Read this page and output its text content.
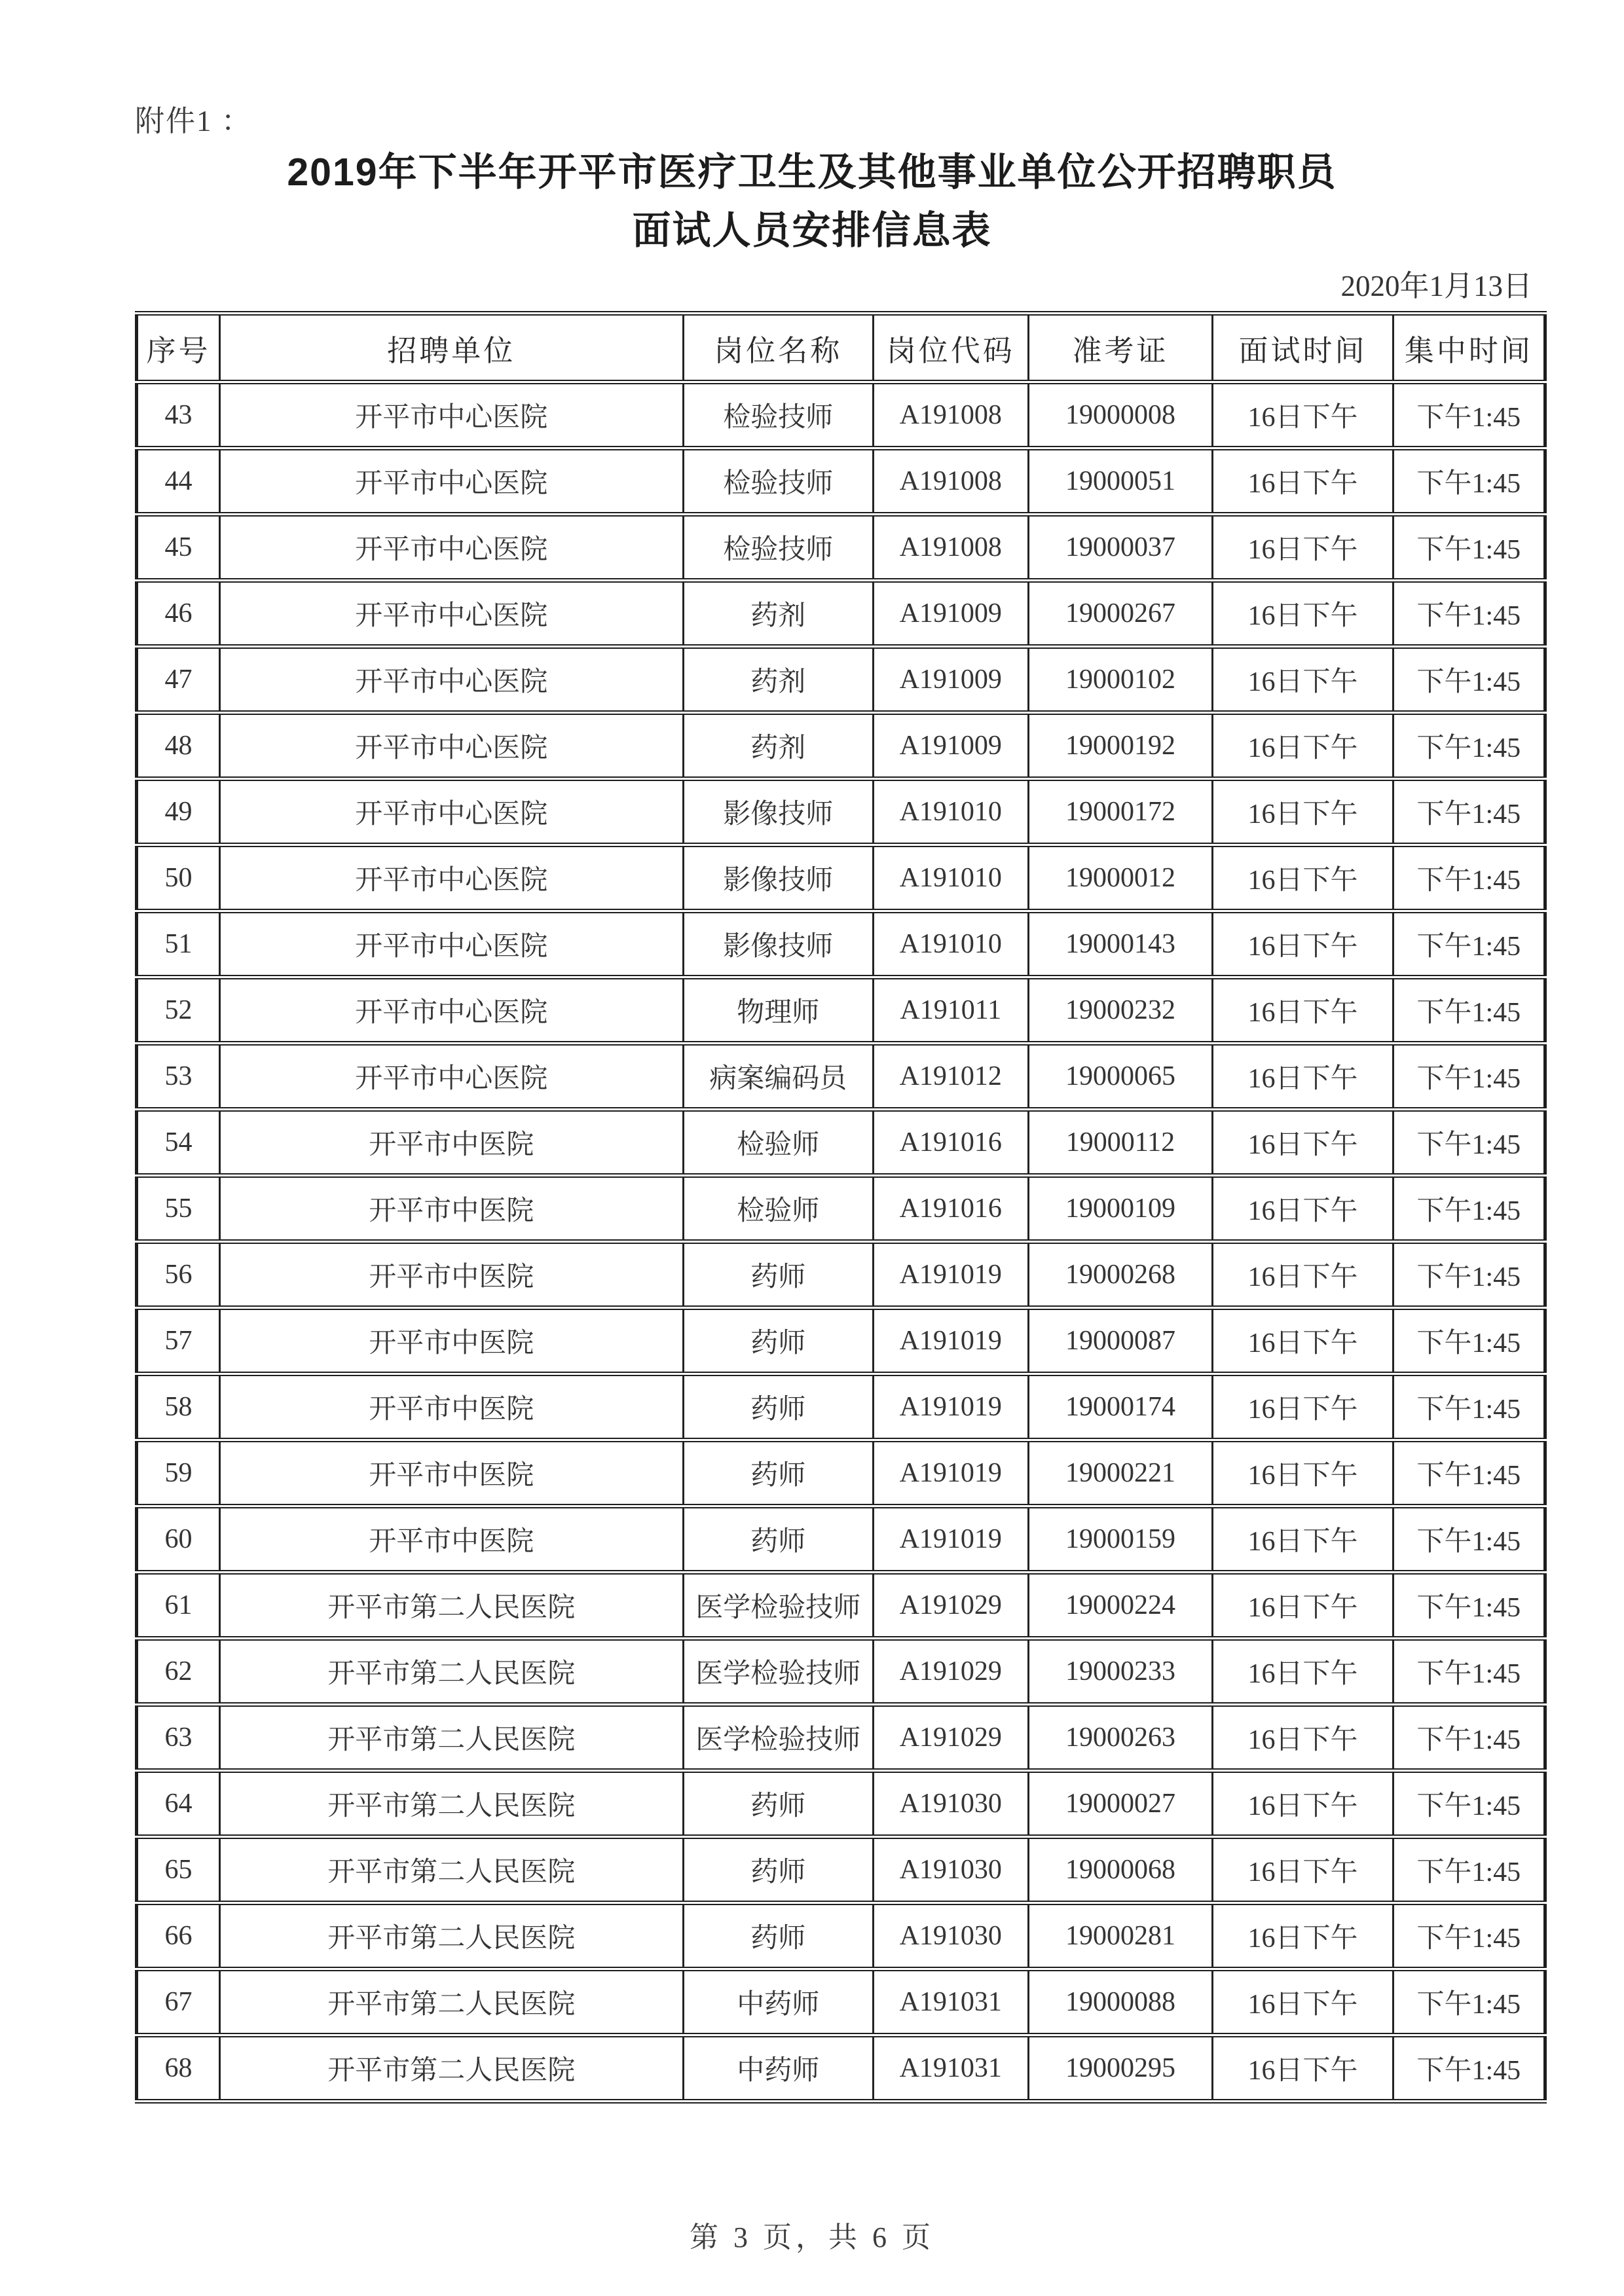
附件1 ：
2019年下半年开平市医疗卫生及其他事业单位公开招聘职员
面试人员安排信息表
2020年1月13日
序号	招聘单位	岗位名称	岗位代码	准考证	面试时间	集中时间
43	开平市中心医院	检验技师	A191008	19000008	16日下午	下午1:45
44	开平市中心医院	检验技师	A191008	19000051	16日下午	下午1:45
45	开平市中心医院	检验技师	A191008	19000037	16日下午	下午1:45
46	开平市中心医院	药剂	A191009	19000267	16日下午	下午1:45
47	开平市中心医院	药剂	A191009	19000102	16日下午	下午1:45
48	开平市中心医院	药剂	A191009	19000192	16日下午	下午1:45
49	开平市中心医院	影像技师	A191010	19000172	16日下午	下午1:45
50	开平市中心医院	影像技师	A191010	19000012	16日下午	下午1:45
51	开平市中心医院	影像技师	A191010	19000143	16日下午	下午1:45
52	开平市中心医院	物理师	A191011	19000232	16日下午	下午1:45
53	开平市中心医院	病案编码员	A191012	19000065	16日下午	下午1:45
54	开平市中医院	检验师	A191016	19000112	16日下午	下午1:45
55	开平市中医院	检验师	A191016	19000109	16日下午	下午1:45
56	开平市中医院	药师	A191019	19000268	16日下午	下午1:45
57	开平市中医院	药师	A191019	19000087	16日下午	下午1:45
58	开平市中医院	药师	A191019	19000174	16日下午	下午1:45
59	开平市中医院	药师	A191019	19000221	16日下午	下午1:45
60	开平市中医院	药师	A191019	19000159	16日下午	下午1:45
61	开平市第二人民医院	医学检验技师	A191029	19000224	16日下午	下午1:45
62	开平市第二人民医院	医学检验技师	A191029	19000233	16日下午	下午1:45
63	开平市第二人民医院	医学检验技师	A191029	19000263	16日下午	下午1:45
64	开平市第二人民医院	药师	A191030	19000027	16日下午	下午1:45
65	开平市第二人民医院	药师	A191030	19000068	16日下午	下午1:45
66	开平市第二人民医院	药师	A191030	19000281	16日下午	下午1:45
67	开平市第二人民医院	中药师	A191031	19000088	16日下午	下午1:45
68	开平市第二人民医院	中药师	A191031	19000295	16日下午	下午1:45
第 3 页，共 6 页
